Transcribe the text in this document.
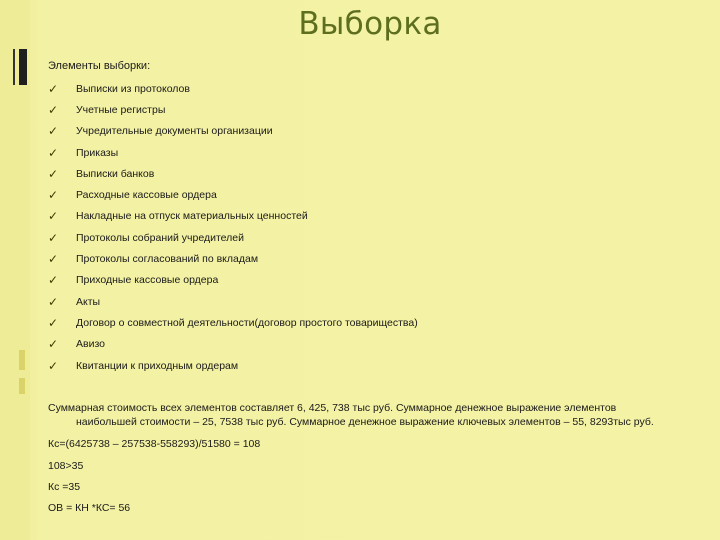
Выборка
Элементы выборки:
✓	Выписки из протоколов
✓	Учетные регистры
✓	Учредительные документы организации
✓	Приказы
✓	Выписки банков
✓	Расходные кассовые ордера
✓	Накладные на отпуск материальных ценностей
✓	Протоколы собраний учредителей
✓	Протоколы согласований по вкладам
✓	Приходные кассовые ордера
✓	Акты
✓	Договор о совместной деятельности(договор простого товарищества)
✓	Авизо
✓	Квитанции к приходным ордерам
Суммарная стоимость всех элементов составляет 6, 425, 738 тыс руб. Суммарное денежное выражение элементов
наибольшей стоимости – 25, 7538 тыс руб. Суммарное денежное выражение ключевых элементов – 55, 8293тыс руб.
Кс=(6425738 – 257538-558293)/51580 = 108
108>35
Кс =35
ОВ = КН *КС= 56
